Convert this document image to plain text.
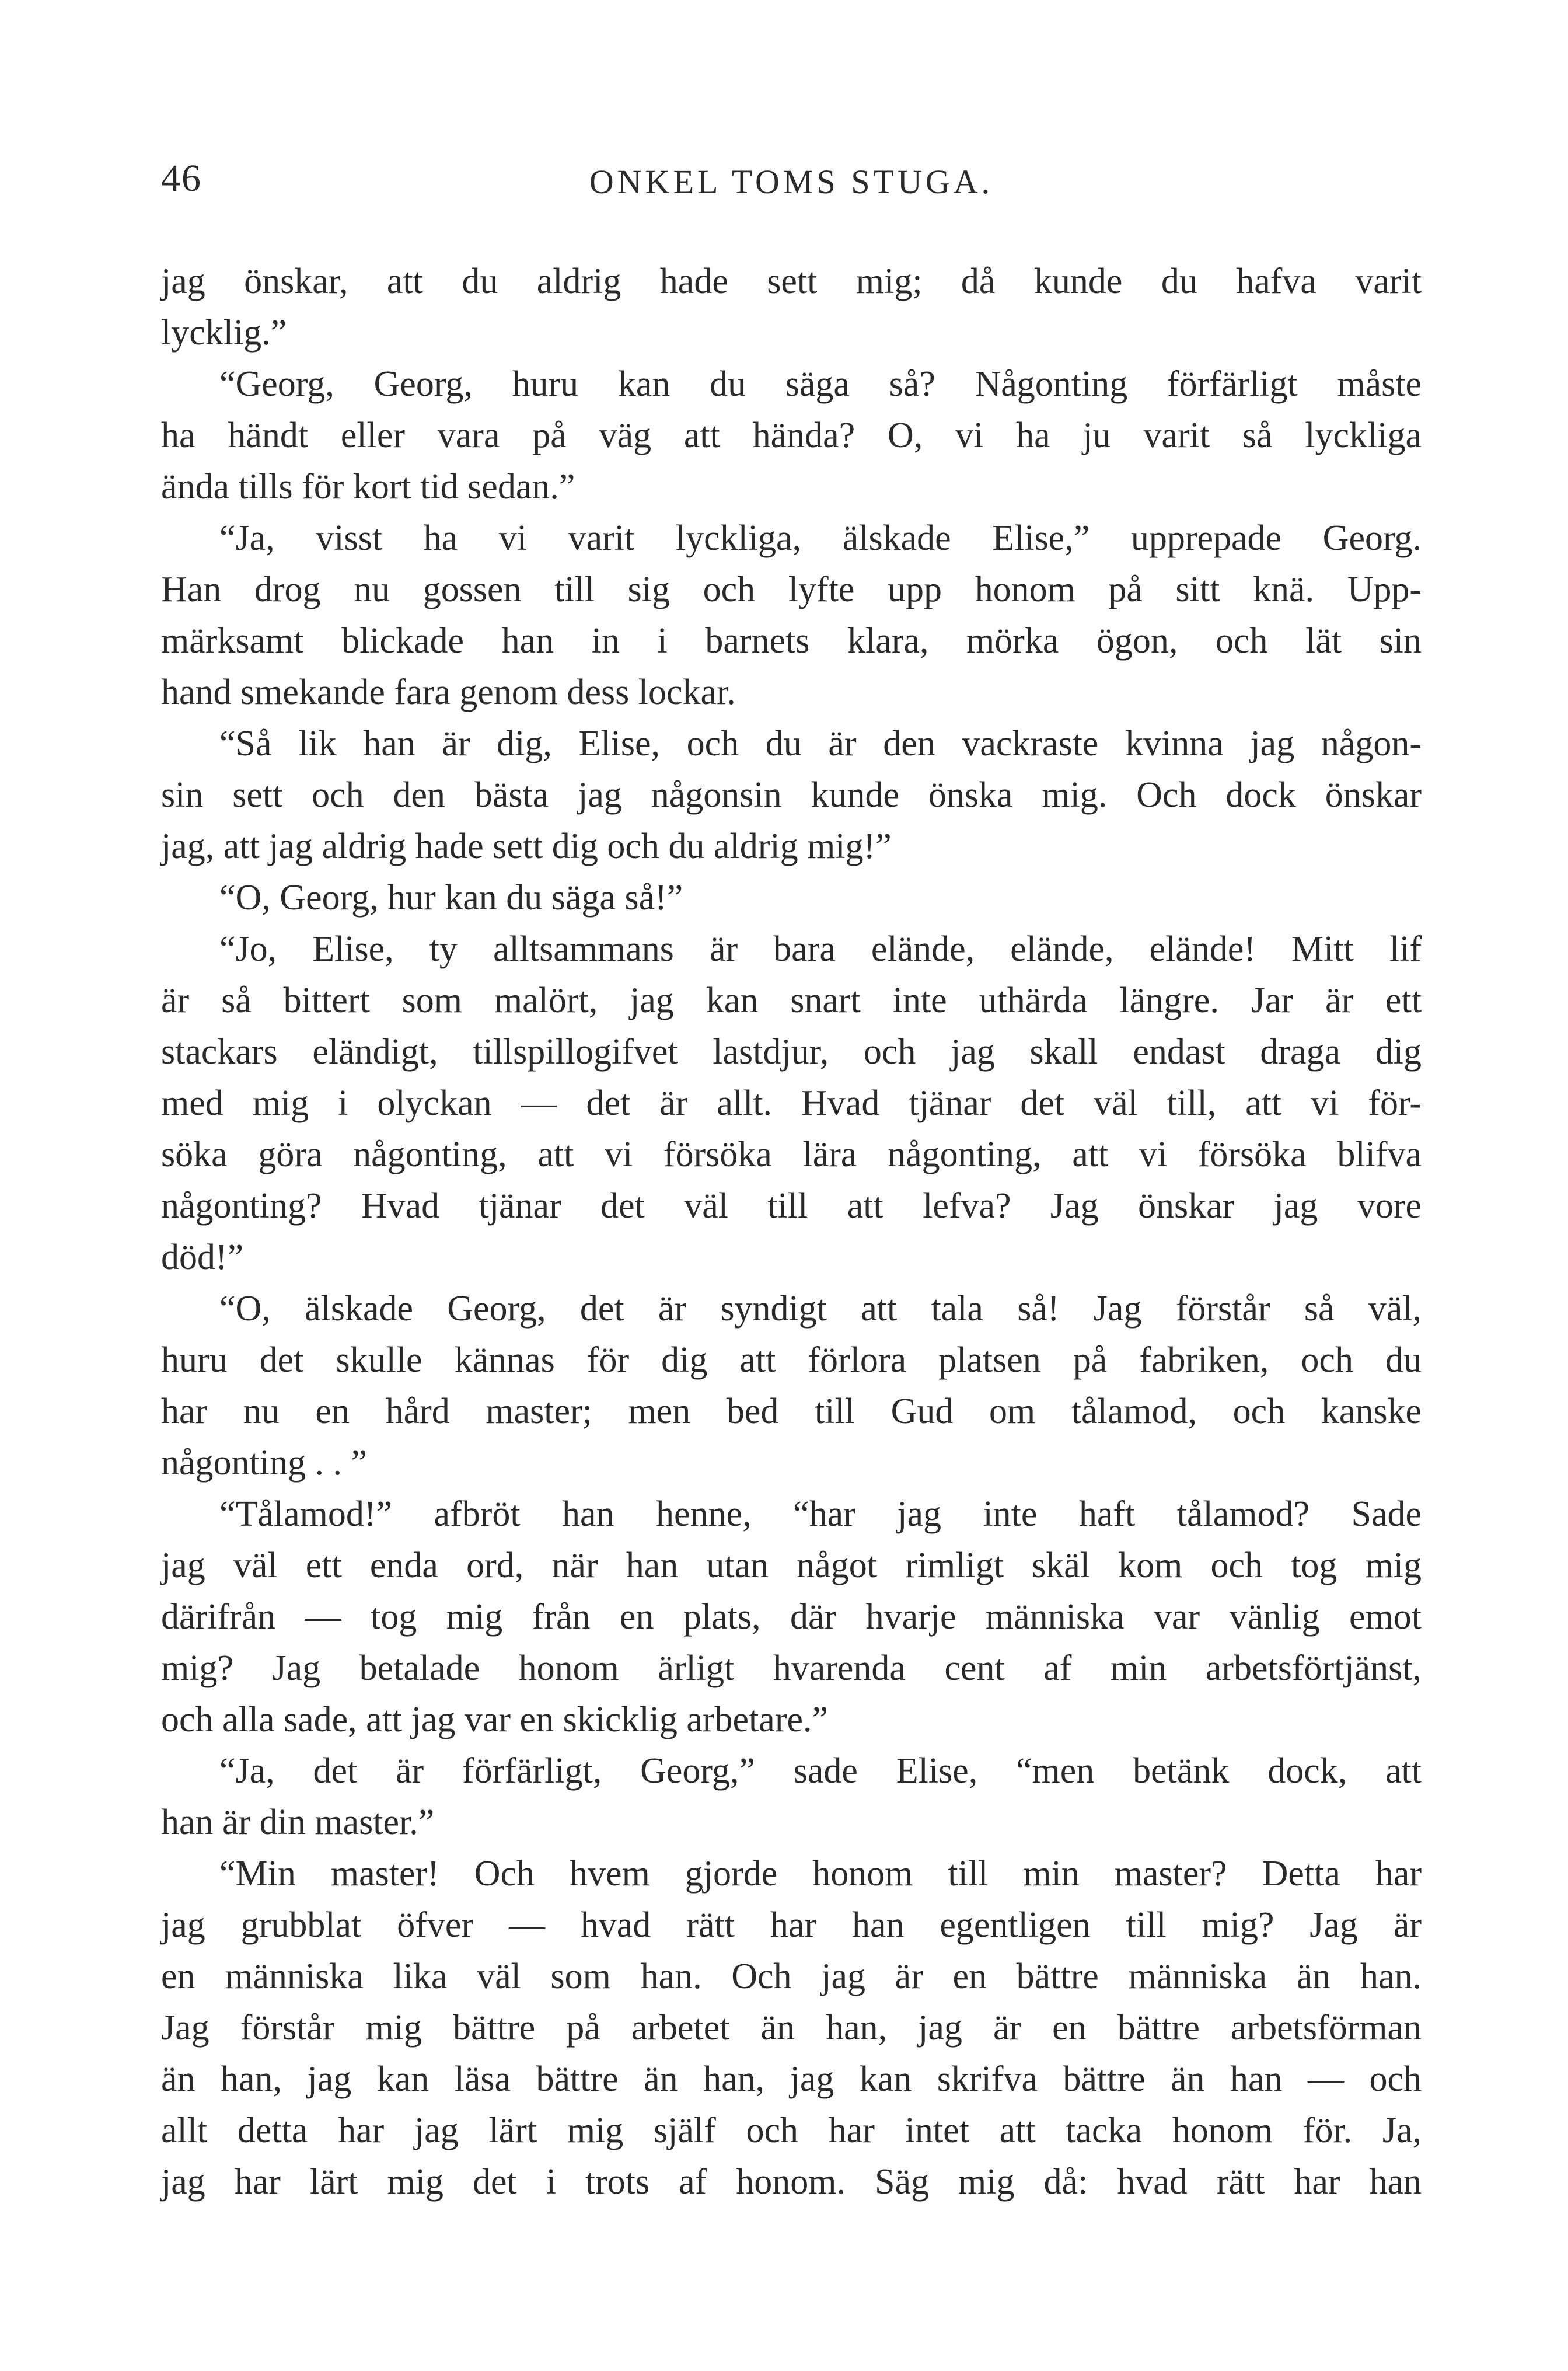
46	ONKEL TOMS STUGA.
jag önskar, att du aldrig hade sett mig; då kunde du hafva varit
lycklig.”
“Georg, Georg, huru kan du säga så? Någonting förfärligt måste
ha händt eller vara på väg att hända? O, vi ha ju varit så lyckliga
ända tills för kort tid sedan.”
“Ja, visst ha vi varit lyckliga, älskade Elise,” upprepade Georg.
Han drog nu gossen till sig och lyfte upp honom på sitt knä. Upp-
märksamt blickade han in i barnets klara, mörka ögon, och lät sin
hand smekande fara genom dess lockar.
“Så lik han är dig, Elise, och du är den vackraste kvinna jag någon-
sin sett och den bästa jag någonsin kunde önska mig. Och dock önskar
jag, att jag aldrig hade sett dig och du aldrig mig!”
“O, Georg, hur kan du säga så!”
“Jo, Elise, ty alltsammans är bara elände, elände, elände! Mitt lif
är så bittert som malört, jag kan snart inte uthärda längre. Jar är ett
stackars eländigt, tillspillogifvet lastdjur, och jag skall endast draga dig
med mig i olyckan — det är allt. Hvad tjänar det väl till, att vi för-
söka göra någonting, att vi försöka lära någonting, att vi försöka blifva
någonting? Hvad tjänar det väl till att lefva? Jag önskar jag vore
död!”
“O, älskade Georg, det är syndigt att tala så! Jag förstår så väl,
huru det skulle kännas för dig att förlora platsen på fabriken, och du
har nu en hård master; men bed till Gud om tålamod, och kanske
någonting . . ”
“Tålamod!” afbröt han henne, “har jag inte haft tålamod? Sade
jag väl ett enda ord, när han utan något rimligt skäl kom och tog mig
därifrån — tog mig från en plats, där hvarje människa var vänlig emot
mig? Jag betalade honom ärligt hvarenda cent af min arbetsförtjänst,
och alla sade, att jag var en skicklig arbetare.”
“Ja, det är förfärligt, Georg,” sade Elise, “men betänk dock, att
han är din master.”
“Min master! Och hvem gjorde honom till min master? Detta har
jag grubblat öfver — hvad rätt har han egentligen till mig? Jag är
en människa lika väl som han. Och jag är en bättre människa än han.
Jag förstår mig bättre på arbetet än han, jag är en bättre arbetsförman
än han, jag kan läsa bättre än han, jag kan skrifva bättre än han — och
allt detta har jag lärt mig själf och har intet att tacka honom för. Ja,
jag har lärt mig det i trots af honom. Säg mig då: hvad rätt har han
